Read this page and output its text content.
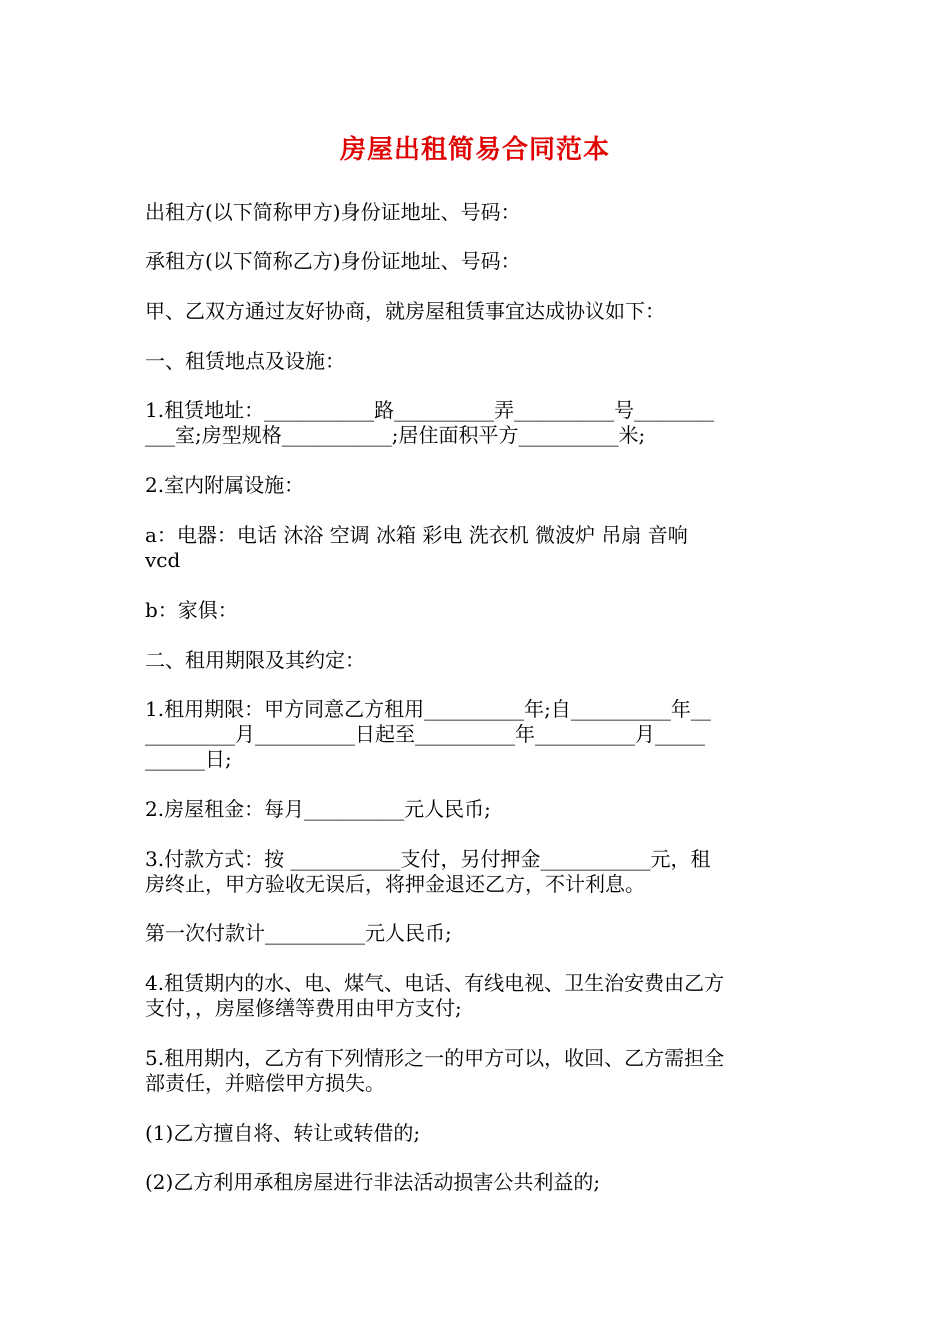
房屋出租简易合同范本

出租方(以下简称甲方)身份证地址、号码：

承租方(以下简称乙方)身份证地址、号码：

甲、乙双方通过友好协商，就房屋租赁事宜达成协议如下：

一、租赁地点及设施：

1.租赁地址：___________路__________弄__________号________

___室;房型规格___________;居住面积平方__________米;

2.室内附属设施：

a：电器：电话 沐浴 空调 冰箱 彩电 洗衣机 微波炉 吊扇 音响

vcd

b：家俱：

二、租用期限及其约定：

1.租用期限：甲方同意乙方租用__________年;自__________年__

_________月__________日起至__________年__________月_____

______日;

2.房屋租金：每月__________元人民币;

3.付款方式：按 ___________支付，另付押金___________元，租

房终止，甲方验收无误后，将押金退还乙方，不计利息。

第一次付款计__________元人民币;

4.租赁期内的水、电、煤气、电话、有线电视、卫生治安费由乙方

支付，，房屋修缮等费用由甲方支付;

5.租用期内，乙方有下列情形之一的甲方可以，收回、乙方需担全

部责任，并赔偿甲方损失。

(1)乙方擅自将、转让或转借的;

(2)乙方利用承租房屋进行非法活动损害公共利益的;
